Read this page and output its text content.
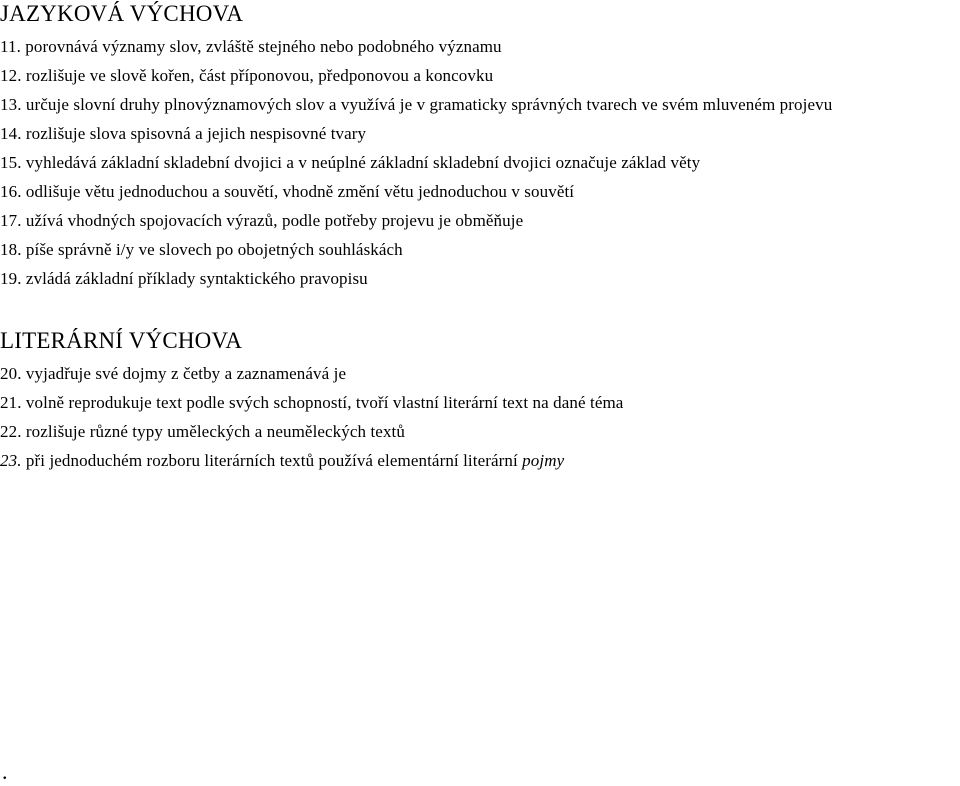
JAZYKOVÁ VÝCHOVA
11. porovnává významy slov, zvláště stejného nebo podobného významu
12. rozlišuje ve slově kořen, část příponovou, předponovou a koncovku
13. určuje slovní druhy plnovýznamových slov a využívá je v gramaticky správných tvarech ve svém mluveném projevu
14. rozlišuje slova spisovná a jejich nespisovné tvary
15. vyhledává základní skladební dvojici a v neúplné základní skladební dvojici označuje základ věty
16. odlišuje větu jednoduchou a souvětí, vhodně změní větu jednoduchou v souvětí
17. užívá vhodných spojovacích výrazů, podle potřeby projevu je obměňuje
18. píše správně i/y ve slovech po obojetných souhláskách
19. zvládá základní příklady syntaktického pravopisu
LITERÁRNÍ VÝCHOVA
20. vyjadřuje své dojmy z četby a zaznamenává je
21. volně reprodukuje text podle svých schopností, tvoří vlastní literární text na dané téma
22. rozlišuje různé typy uměleckých a neuměleckých textů
23. při jednoduchém rozboru literárních textů používá elementární literární pojmy
.
